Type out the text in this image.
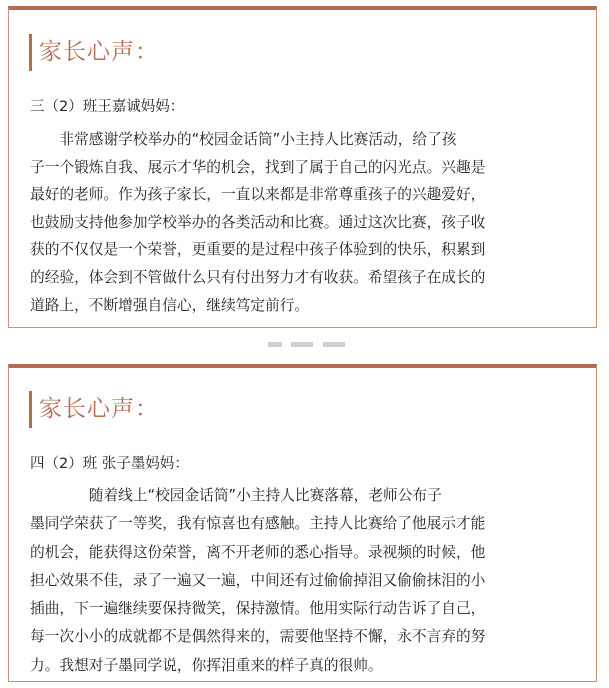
家长心声：
三（2）班王嘉诚妈妈：
　　非常感谢学校举办的“校园金话筒”小主持人比赛活动，给了孩
子一个锻炼自我、展示才华的机会，找到了属于自己的闪光点。兴趣是
最好的老师。作为孩子家长，一直以来都是非常尊重孩子的兴趣爱好，
也鼓励支持他参加学校举办的各类活动和比赛。通过这次比赛，孩子收
获的不仅仅是一个荣誉，更重要的是过程中孩子体验到的快乐，积累到
的经验，体会到不管做什么只有付出努力才有收获。希望孩子在成长的
道路上，不断增强自信心，继续笃定前行。
家长心声：
四（2）班 张子墨妈妈：
　　　　随着线上“校园金话筒”小主持人比赛落幕，老师公布子
墨同学荣获了一等奖，我有惊喜也有感触。主持人比赛给了他展示才能
的机会，能获得这份荣誉，离不开老师的悉心指导。录视频的时候，他
担心效果不佳，录了一遍又一遍，中间还有过偷偷掉泪又偷偷抹泪的小
插曲，下一遍继续要保持微笑，保持激情。他用实际行动告诉了自己，
每一次小小的成就都不是偶然得来的，需要他坚持不懈，永不言弃的努
力。我想对子墨同学说，你挥泪重来的样子真的很帅。
